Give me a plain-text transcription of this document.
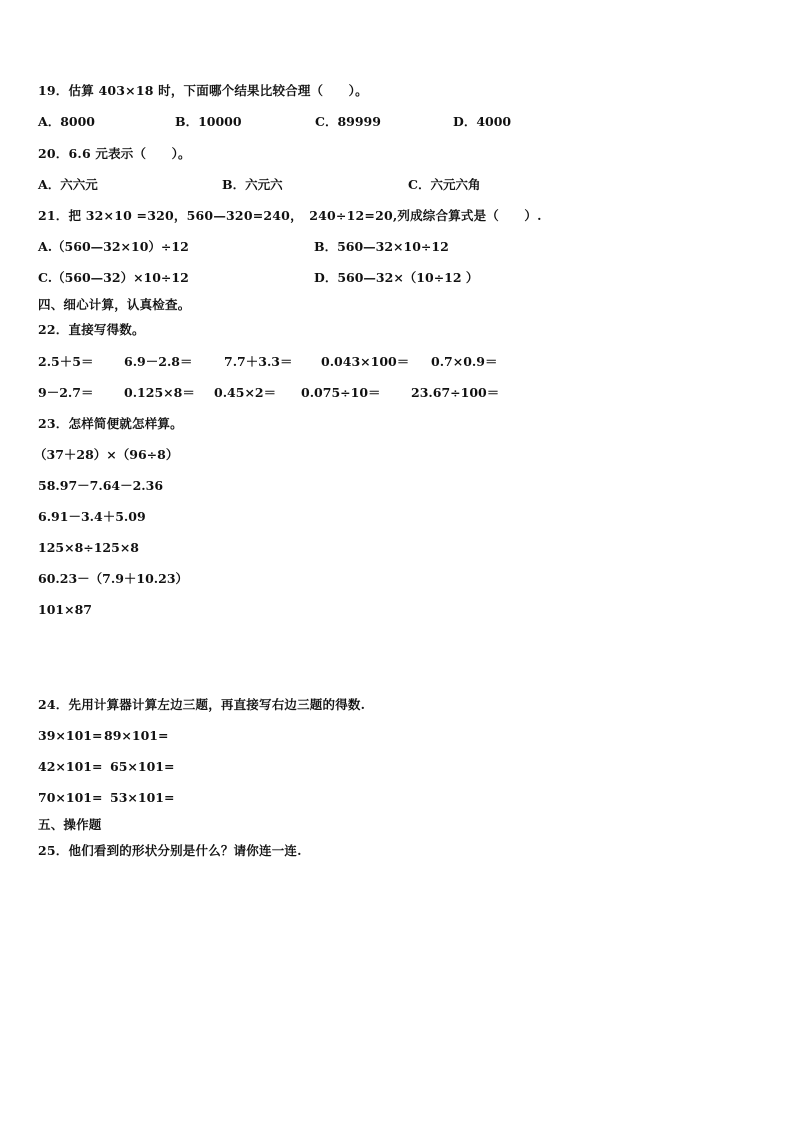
19．估算 403×18 时，下面哪个结果比较合理（　　）。
A．8000	B．10000	C．89999	D．4000
20．6.6 元表示（　　）。
A．六六元	B．六元六	C．六元六角
21．把 32×10 =320，560—320=240，　240÷12=20,列成综合算式是（　　）.
A.（560—32×10）÷12	B．560—32×10÷12
C.（560—32）×10÷12	D．560—32×（10÷12 ）
四、细心计算，认真检查。
22．直接写得数。
2.5＋5＝ 6.9－2.8＝	7.7＋3.3＝ 0.043×100＝ 0.7×0.9＝
9－2.7＝ 0.125×8＝ 0.45×2＝ 0.075÷10＝ 23.67÷100＝
23．怎样简便就怎样算。
（37＋28）×（96÷8）
58.97－7.64－2.36
6.91－3.4＋5.09
125×8÷125×8
60.23－（7.9＋10.23）
101×87
24．先用计算器计算左边三题，再直接写右边三题的得数.
39×101= 89×101=
42×101= 65×101=
70×101= 53×101=
五、操作题
25．他们看到的形状分别是什么？请你连一连.
